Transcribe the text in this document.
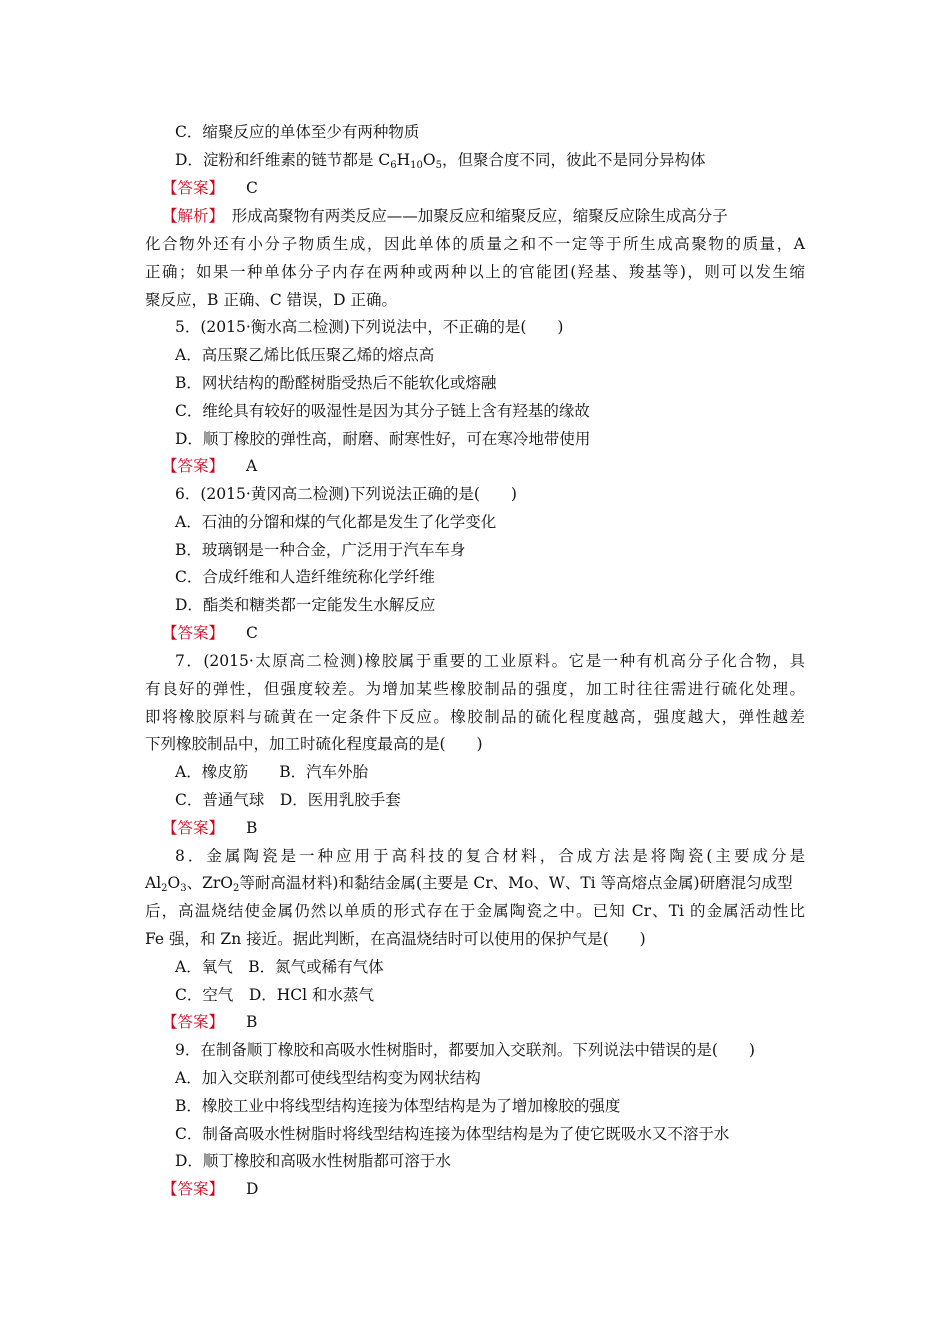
C．缩聚反应的单体至少有两种物质
D．淀粉和纤维素的链节都是 $C_6H_{10}O_5$，但聚合度不同，彼此不是同分异构体
【答案】 C
【解析】　形成高聚物有两类反应——加聚反应和缩聚反应，缩聚反应除生成高分子
化合物外还有小分子物质生成，因此单体的质量之和不一定等于所生成高聚物的质量，A
正确；如果一种单体分子内存在两种或两种以上的官能团(羟基、羧基等)，则可以发生缩
聚反应，B 正确、C 错误，D 正确。
5．(2015·衡水高二检测)下列说法中，不正确的是(　　)
A．高压聚乙烯比低压聚乙烯的熔点高
B．网状结构的酚醛树脂受热后不能软化或熔融
C．维纶具有较好的吸湿性是因为其分子链上含有羟基的缘故
D．顺丁橡胶的弹性高，耐磨、耐寒性好，可在寒冷地带使用
【答案】 A
6．(2015·黄冈高二检测)下列说法正确的是(　　)
A．石油的分馏和煤的气化都是发生了化学变化
B．玻璃钢是一种合金，广泛用于汽车车身
C．合成纤维和人造纤维统称化学纤维
D．酯类和糖类都一定能发生水解反应
【答案】 C
7．(2015·太原高二检测)橡胶属于重要的工业原料。它是一种有机高分子化合物，具
有良好的弹性，但强度较差。为增加某些橡胶制品的强度，加工时往往需进行硫化处理。
即将橡胶原料与硫黄在一定条件下反应。橡胶制品的硫化程度越高，强度越大，弹性越差
下列橡胶制品中，加工时硫化程度最高的是(　　)
A．橡皮筋　　B．汽车外胎
C．普通气球　D．医用乳胶手套
【答案】 B
8．金属陶瓷是一种应用于高科技的复合材料，合成方法是将陶瓷(主要成分是
$Al_2O_3$、ZrO$_2$等耐高温材料)和黏结金属(主要是 Cr、Mo、W、Ti 等高熔点金属)研磨混匀成型
后，高温烧结使金属仍然以单质的形式存在于金属陶瓷之中。已知 Cr、Ti 的金属活动性比
Fe 强，和 Zn 接近。据此判断，在高温烧结时可以使用的保护气是(　　)
A．氧气　B．氮气或稀有气体
C．空气　D．HCl 和水蒸气
【答案】 B
9．在制备顺丁橡胶和高吸水性树脂时，都要加入交联剂。下列说法中错误的是(　　)
A．加入交联剂都可使线型结构变为网状结构
B．橡胶工业中将线型结构连接为体型结构是为了增加橡胶的强度
C．制备高吸水性树脂时将线型结构连接为体型结构是为了使它既吸水又不溶于水
D．顺丁橡胶和高吸水性树脂都可溶于水
【答案】 D
